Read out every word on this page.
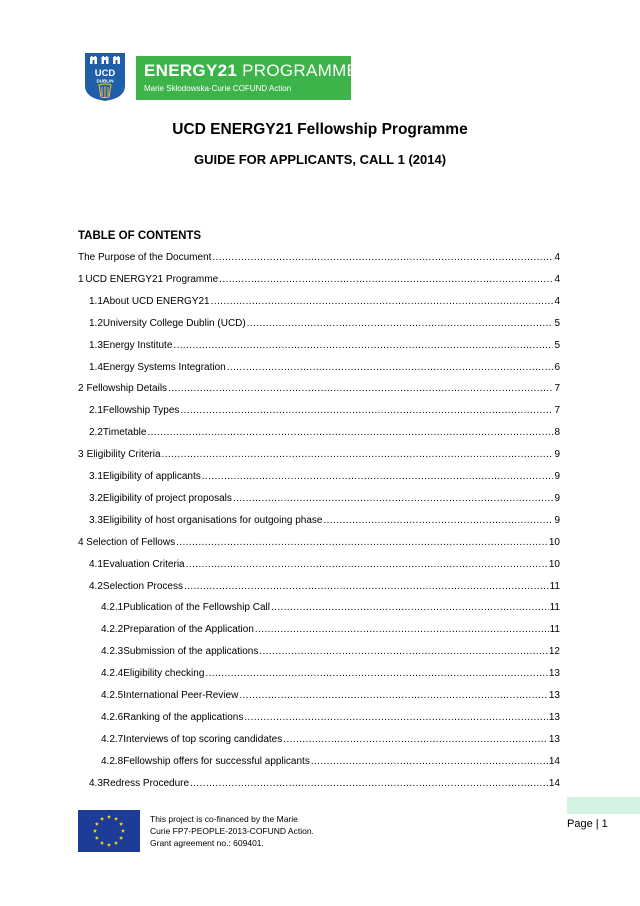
UCD
DUBLIN
ENERGY21 PROGRAMME
Marie Skłodowska-Curie COFUND Action
UCD ENERGY21 Fellowship Programme
GUIDE FOR APPLICANTS, CALL 1 (2014)
TABLE OF CONTENTS
The Purpose of the Document .....	4
1 UCD ENERGY21 Programme .....	4
1.1 About UCD ENERGY21 .....	4
1.2 University College Dublin (UCD) .....	5
1.3 Energy Institute .....	5
1.4 Energy Systems Integration .....	6
2 Fellowship Details .....	7
2.1 Fellowship Types .....	7
2.2 Timetable .....	8
3 Eligibility Criteria .....	9
3.1 Eligibility of applicants .....	9
3.2 Eligibility of project proposals .....	9
3.3 Eligibility of host organisations for outgoing phase .....	9
4 Selection of Fellows .....	10
4.1 Evaluation Criteria .....	10
4.2 Selection Process .....	11
4.2.1 Publication of the Fellowship Call .....	11
4.2.2 Preparation of the Application .....	11
4.2.3 Submission of the applications .....	12
4.2.4 Eligibility checking .....	13
4.2.5 International Peer-Review .....	13
4.2.6 Ranking of the applications .....	13
4.2.7 Interviews of top scoring candidates .....	13
4.2.8 Fellowship offers for successful applicants .....	14
4.3 Redress Procedure .....	14
This project is co-financed by the Marie
Curie FP7-PEOPLE-2013-COFUND Action.
Grant agreement no.: 609401.
Page | 1
